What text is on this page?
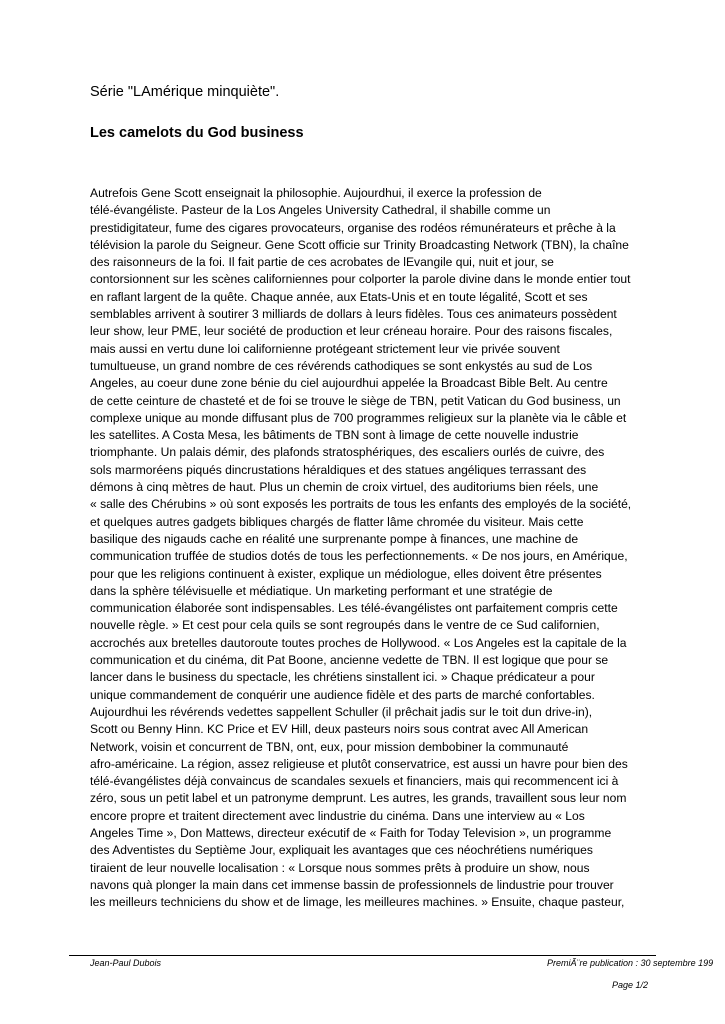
Série "LAmérique minquiète".
Les camelots du God business
Autrefois Gene Scott enseignait la philosophie. Aujourdhui, il exerce la profession de
télé-évangéliste. Pasteur de la Los Angeles University Cathedral, il shabille comme un
prestidigitateur, fume des cigares provocateurs, organise des rodéos rémunérateurs et prêche à la
télévision la parole du Seigneur. Gene Scott officie sur Trinity Broadcasting Network (TBN), la chaîne
des raisonneurs de la foi. Il fait partie de ces acrobates de lEvangile qui, nuit et jour, se
contorsionnent sur les scènes californiennes pour colporter la parole divine dans le monde entier tout
en raflant largent de la quête. Chaque année, aux Etats-Unis et en toute légalité, Scott et ses
semblables arrivent à soutirer 3 milliards de dollars à leurs fidèles. Tous ces animateurs possèdent
leur show, leur PME, leur société de production et leur créneau horaire. Pour des raisons fiscales,
mais aussi en vertu dune loi californienne protégeant strictement leur vie privée souvent
tumultueuse, un grand nombre de ces révérends cathodiques se sont enkystés au sud de Los
Angeles, au coeur dune zone bénie du ciel aujourdhui appelée la Broadcast Bible Belt. Au centre
de cette ceinture de chasteté et de foi se trouve le siège de TBN, petit Vatican du God business, un
complexe unique au monde diffusant plus de 700 programmes religieux sur la planète via le câble et
les satellites. A Costa Mesa, les bâtiments de TBN sont à limage de cette nouvelle industrie
triomphante. Un palais démir, des plafonds stratosphériques, des escaliers ourlés de cuivre, des
sols marmoréens piqués dincrustations héraldiques et des statues angéliques terrassant des
démons à cinq mètres de haut. Plus un chemin de croix virtuel, des auditoriums bien réels, une
« salle des Chérubins » où sont exposés les portraits de tous les enfants des employés de la société,
et quelques autres gadgets bibliques chargés de flatter lâme chromée du visiteur. Mais cette
basilique des nigauds cache en réalité une surprenante pompe à finances, une machine de
communication truffée de studios dotés de tous les perfectionnements. « De nos jours, en Amérique,
pour que les religions continuent à exister, explique un médiologue, elles doivent être présentes
dans la sphère télévisuelle et médiatique. Un marketing performant et une stratégie de
communication élaborée sont indispensables. Les télé-évangélistes ont parfaitement compris cette
nouvelle règle. » Et cest pour cela quils se sont regroupés dans le ventre de ce Sud californien,
accrochés aux bretelles dautoroute toutes proches de Hollywood. « Los Angeles est la capitale de la
communication et du cinéma, dit Pat Boone, ancienne vedette de TBN. Il est logique que pour se
lancer dans le business du spectacle, les chrétiens sinstallent ici. » Chaque prédicateur a pour
unique commandement de conquérir une audience fidèle et des parts de marché confortables.
Aujourdhui les révérends vedettes sappellent Schuller (il prêchait jadis sur le toit dun drive-in),
Scott ou Benny Hinn. KC Price et EV Hill, deux pasteurs noirs sous contrat avec All American
Network, voisin et concurrent de TBN, ont, eux, pour mission dembobiner la communauté
afro-américaine. La région, assez religieuse et plutôt conservatrice, est aussi un havre pour bien des
télé-évangélistes déjà convaincus de scandales sexuels et financiers, mais qui recommencent ici à
zéro, sous un petit label et un patronyme demprunt. Les autres, les grands, travaillent sous leur nom
encore propre et traitent directement avec lindustrie du cinéma. Dans une interview au « Los
Angeles Time », Don Mattews, directeur exécutif de « Faith for Today Television », un programme
des Adventistes du Septième Jour, expliquait les avantages que ces néochrétiens numériques
tiraient de leur nouvelle localisation : « Lorsque nous sommes prêts à produire un show, nous
navons quà plonger la main dans cet immense bassin de professionnels de lindustrie pour trouver
les meilleurs techniciens du show et de limage, les meilleures machines. » Ensuite, chaque pasteur,
Jean-Paul Dubois	PremiÃ¨re publication : 30 septembre 199
Page 1/2
